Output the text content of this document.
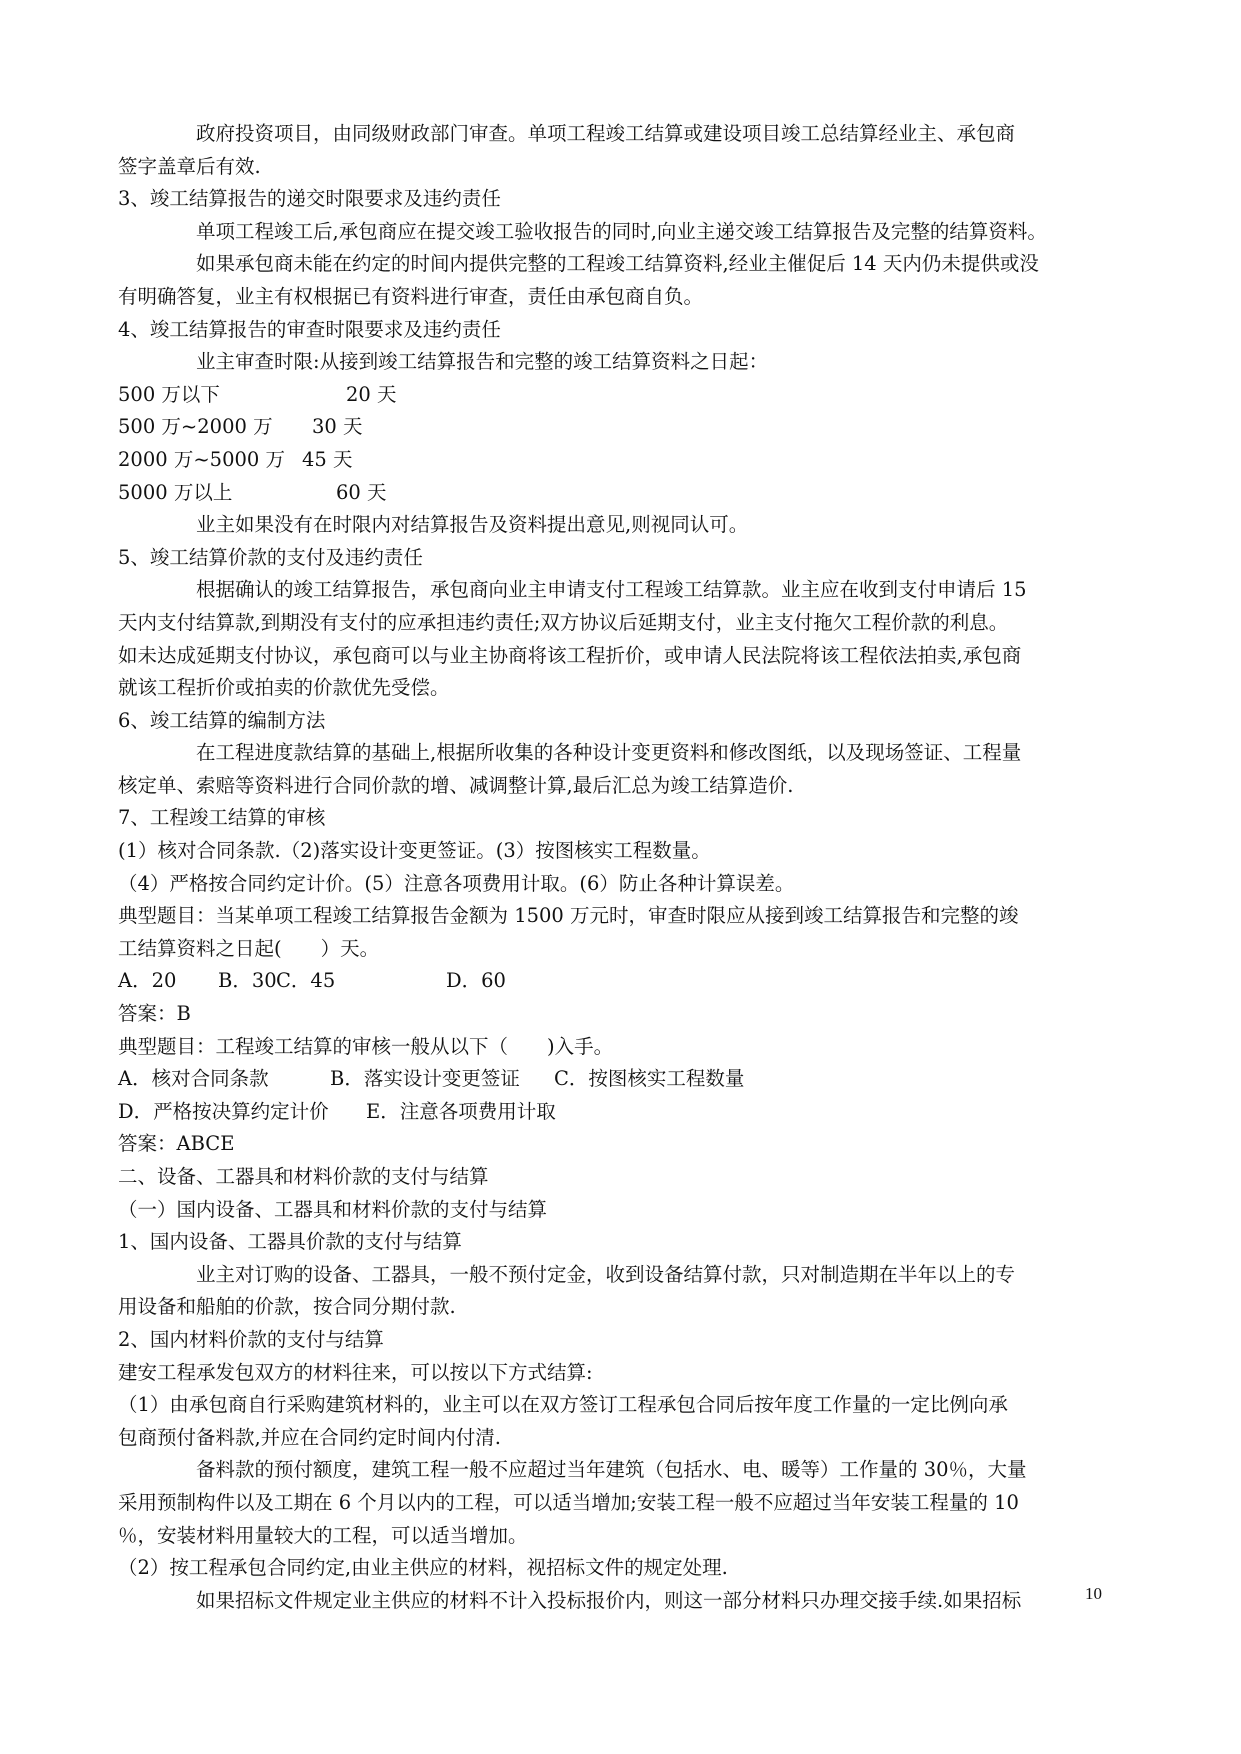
政府投资项目，由同级财政部门审查。单项工程竣工结算或建设项目竣工总结算经业主、承包商
签字盖章后有效.
3、竣工结算报告的递交时限要求及违约责任
单项工程竣工后,承包商应在提交竣工验收报告的同时,向业主递交竣工结算报告及完整的结算资料。
如果承包商未能在约定的时间内提供完整的工程竣工结算资料,经业主催促后 14 天内仍未提供或没
有明确答复，业主有权根据已有资料进行审查，责任由承包商自负。
4、竣工结算报告的审查时限要求及违约责任
业主审查时限:从接到竣工结算报告和完整的竣工结算资料之日起：
500 万以下	20 天
500 万~2000 万	30 天
2000 万~5000 万 45 天
5000 万以上	60 天
业主如果没有在时限内对结算报告及资料提出意见,则视同认可。
5、竣工结算价款的支付及违约责任
根据确认的竣工结算报告，承包商向业主申请支付工程竣工结算款。业主应在收到支付申请后 15
天内支付结算款,到期没有支付的应承担违约责任;双方协议后延期支付，业主支付拖欠工程价款的利息。
如未达成延期支付协议，承包商可以与业主协商将该工程折价，或申请人民法院将该工程依法拍卖,承包商
就该工程折价或拍卖的价款优先受偿。
6、竣工结算的编制方法
在工程进度款结算的基础上,根据所收集的各种设计变更资料和修改图纸，以及现场签证、工程量
核定单、索赔等资料进行合同价款的增、减调整计算,最后汇总为竣工结算造价.
7、工程竣工结算的审核
(1）核对合同条款.（2)落实设计变更签证。(3）按图核实工程数量。
（4）严格按合同约定计价。(5）注意各项费用计取。(6）防止各种计算误差。
典型题目：当某单项工程竣工结算报告金额为 1500 万元时，审查时限应从接到竣工结算报告和完整的竣
工结算资料之日起(　　）天。
A．20	B．30 C．45	D．60
答案：B
典型题目：工程竣工结算的审核一般从以下（　　)入手。
A．核对合同条款	B．落实设计变更签证	C．按图核实工程数量
D．严格按决算约定计价	E．注意各项费用计取
答案：ABCE
二、设备、工器具和材料价款的支付与结算
（一）国内设备、工器具和材料价款的支付与结算
1、国内设备、工器具价款的支付与结算
业主对订购的设备、工器具，一般不预付定金，收到设备结算付款，只对制造期在半年以上的专
用设备和船舶的价款，按合同分期付款.
2、国内材料价款的支付与结算
建安工程承发包双方的材料往来，可以按以下方式结算:
（1）由承包商自行采购建筑材料的，业主可以在双方签订工程承包合同后按年度工作量的一定比例向承
包商预付备料款,并应在合同约定时间内付清.
备料款的预付额度，建筑工程一般不应超过当年建筑（包括水、电、暖等）工作量的 30％，大量
采用预制构件以及工期在 6 个月以内的工程，可以适当增加;安装工程一般不应超过当年安装工程量的 10
％，安装材料用量较大的工程，可以适当增加。
（2）按工程承包合同约定,由业主供应的材料，视招标文件的规定处理.
如果招标文件规定业主供应的材料不计入投标报价内，则这一部分材料只办理交接手续.如果招标	10
